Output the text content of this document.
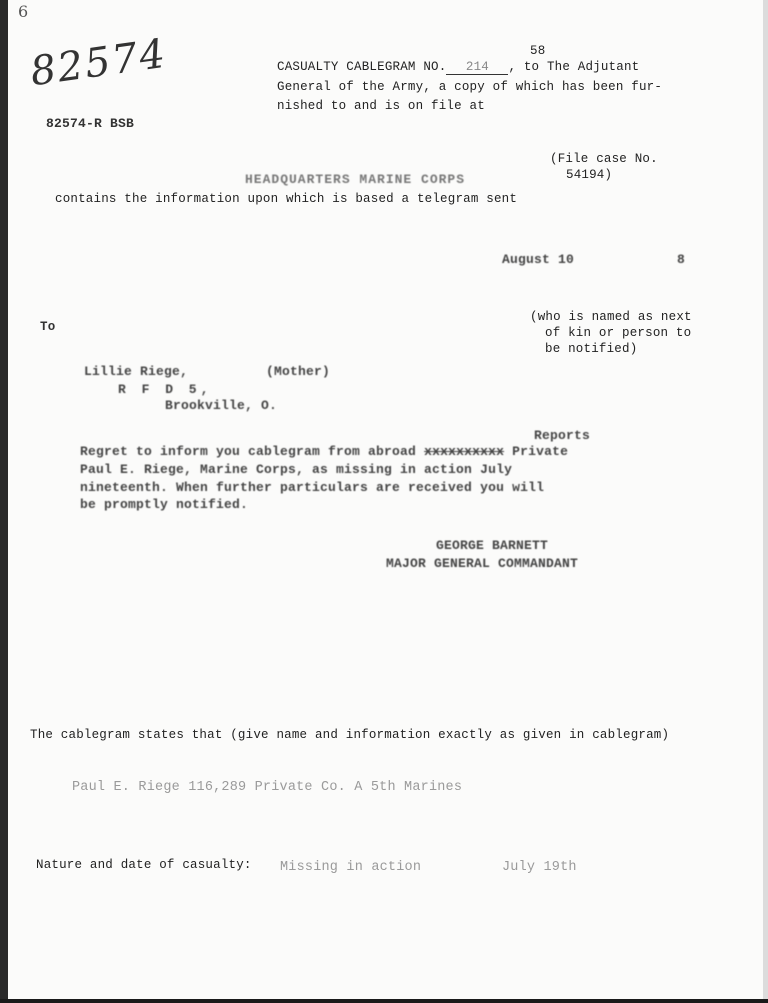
6
82574
82574-R BSB
58
CASUALTY CABLEGRAM NO. 214 , to The Adjutant
General of the Army, a copy of which has been fur-
nished to and is on file at
HEADQUARTERS MARINE CORPS
(File case No.
54194)
contains the information upon which is based a telegram sent
August 10	8
To
(who is named as next
of kin or person to
be notified)
Lillie Riege,	(Mother)
R F D 5,
Brookville, O.
Reports
Regret to inform you cablegram from abroad xxxxxxxxxx Private
Paul E. Riege, Marine Corps, as missing in action July
nineteenth. When further particulars are received you will
be promptly notified.
GEORGE BARNETT
MAJOR GENERAL COMMANDANT
The cablegram states that (give name and information exactly as given in cablegram)
Paul E. Riege 116,289 Private Co. A 5th Marines
Nature and date of casualty: Missing in action	July 19th
